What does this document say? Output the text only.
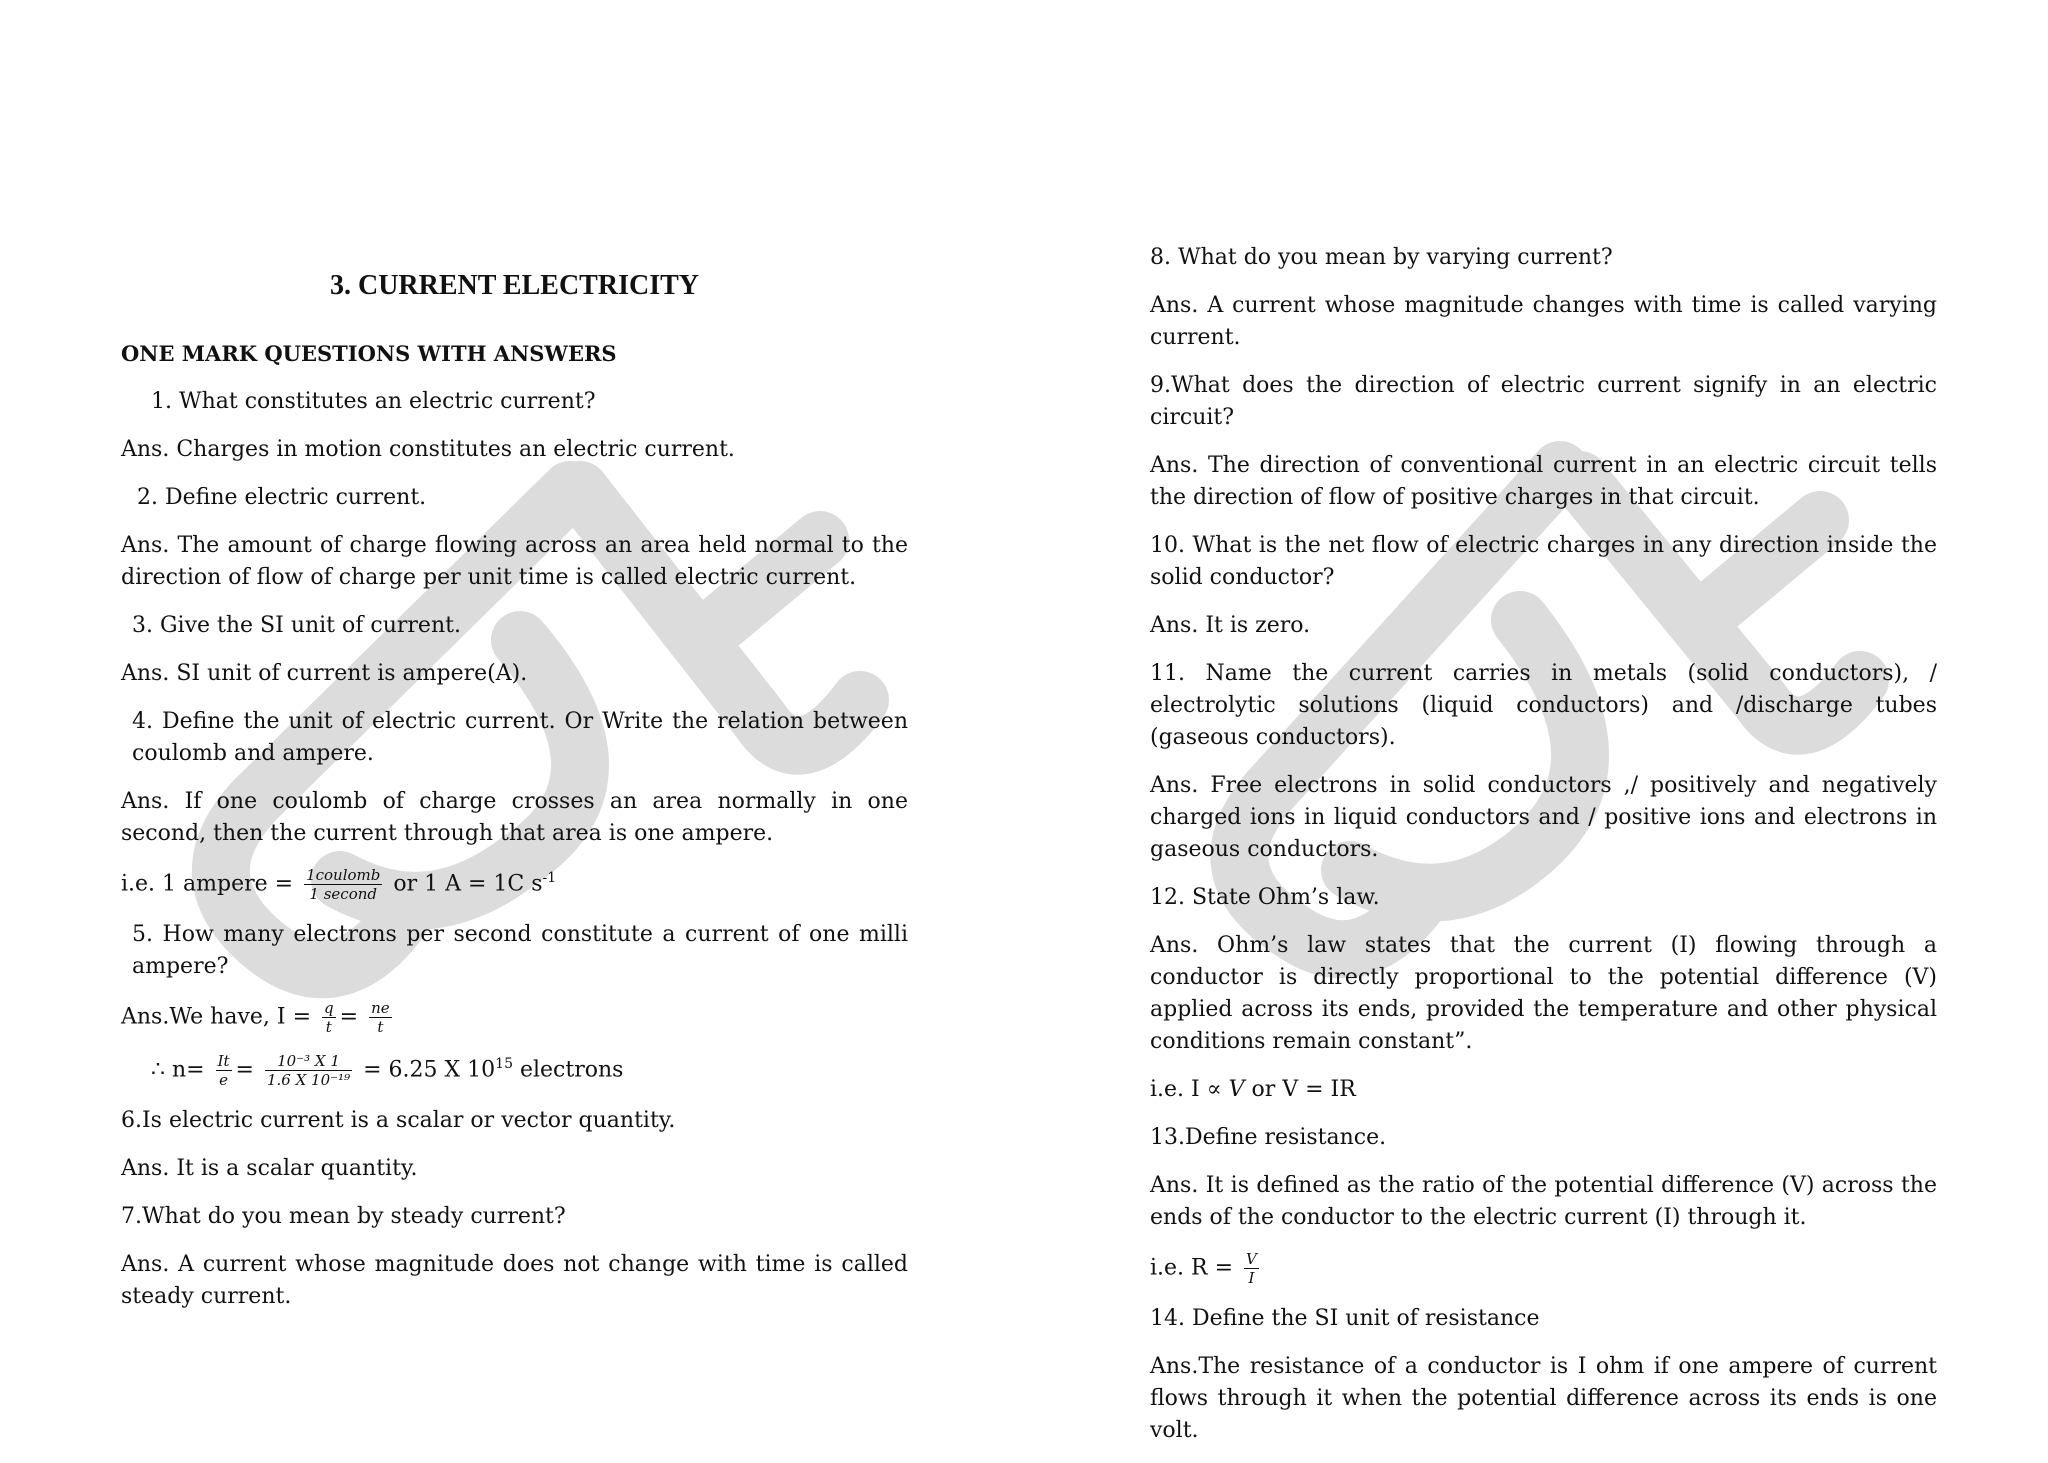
3. CURRENT ELECTRICITY

ONE MARK QUESTIONS WITH ANSWERS

1. What constitutes an electric current?

Ans. Charges in motion constitutes an electric current.

2. Define electric current.

Ans. The amount of charge flowing across an area held normal to the direction of flow of charge per unit time is called electric current.

3. Give the SI unit of current.

Ans. SI unit of current is ampere(A).

4. Define the unit of electric current. Or Write the relation between coulomb and ampere.

Ans. If one coulomb of charge crosses an area normally in one second, then the current through that area is one ampere.

i.e. 1 ampere = $\frac{\text{1coulomb}}{\text{1 second}}$ or 1 A = 1C $s^{-1}$

5. How many electrons per second constitute a current of one milli ampere?

Ans.We have, $I = \frac{q}{t} = \frac{ne}{t}$

∴ $n= \frac{It}{e} = \frac{\text{10⁻³ X 1}}{\text{1.6 X 10⁻¹⁹}} = 6.25$ X $10^{15}$ electrons

6.Is electric current is a scalar or vector quantity.

Ans. It is a scalar quantity.

7.What do you mean by steady current?

Ans. A current whose magnitude does not change with time is called steady current.

8. What do you mean by varying current?

Ans. A current whose magnitude changes with time is called varying current.

9.What does the direction of electric current signify in an electric circuit?

Ans. The direction of conventional current in an electric circuit tells the direction of flow of positive charges in that circuit.

10. What is the net flow of electric charges in any direction inside the solid conductor?

Ans. It is zero.

11. Name the current carries in metals (solid conductors), / electrolytic solutions (liquid conductors) and /discharge tubes (gaseous conductors).

Ans. Free electrons in solid conductors ,/ positively and negatively charged ions in liquid conductors and / positive ions and electrons in gaseous conductors.

12. State Ohm’s law.

Ans. Ohm’s law states that the current (I) flowing through a conductor is directly proportional to the potential difference (V) applied across its ends, provided the temperature and other physical conditions remain constant”.

i.e. I ∝ V or V = IR

13.Define resistance.

Ans. It is defined as the ratio of the potential difference (V) across the ends of the conductor to the electric current (I) through it.

i.e. $R = \frac{V}{I}$

14. Define the SI unit of resistance

Ans.The resistance of a conductor is I ohm if one ampere of current flows through it when the potential difference across its ends is one volt.
